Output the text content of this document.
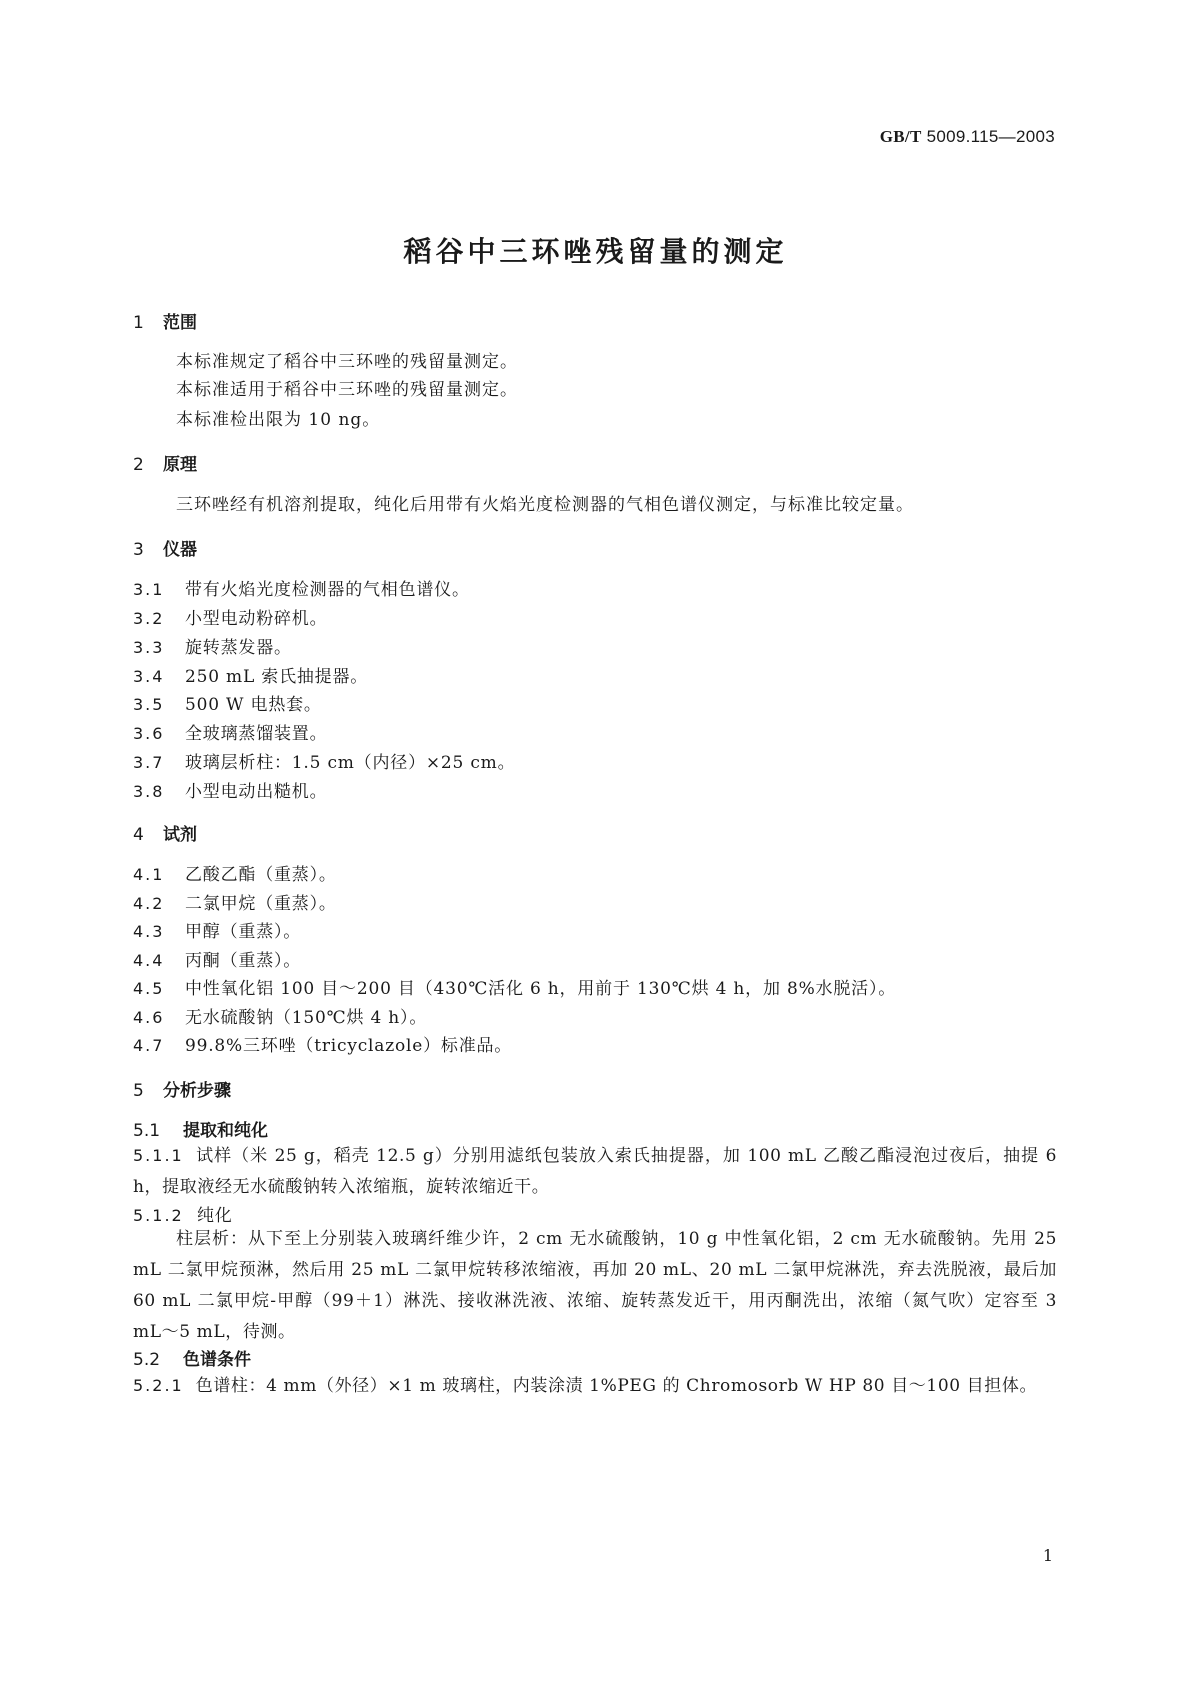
GB/T 5009.115—2003
稻谷中三环唑残留量的测定
1 范围
本标准规定了稻谷中三环唑的残留量测定。
本标准适用于稻谷中三环唑的残留量测定。
本标准检出限为 10 ng。
2 原理
三环唑经有机溶剂提取，纯化后用带有火焰光度检测器的气相色谱仪测定，与标准比较定量。
3 仪器
3.1 带有火焰光度检测器的气相色谱仪。
3.2 小型电动粉碎机。
3.3 旋转蒸发器。
3.4 250 mL 索氏抽提器。
3.5 500 W 电热套。
3.6 全玻璃蒸馏装置。
3.7 玻璃层析柱：1.5 cm（内径）×25 cm。
3.8 小型电动出糙机。
4 试剂
4.1 乙酸乙酯（重蒸）。
4.2 二氯甲烷（重蒸）。
4.3 甲醇（重蒸）。
4.4 丙酮（重蒸）。
4.5 中性氧化铝 100 目～200 目（430℃活化 6 h，用前于 130℃烘 4 h，加 8%水脱活）。
4.6 无水硫酸钠（150℃烘 4 h）。
4.7 99.8%三环唑（tricyclazole）标准品。
5 分析步骤
5.1 提取和纯化
5.1.1 试样（米 25 g，稻壳 12.5 g）分别用滤纸包装放入索氏抽提器，加 100 mL 乙酸乙酯浸泡过夜后，抽提 6 h，提取液经无水硫酸钠转入浓缩瓶，旋转浓缩近干。
5.1.2 纯化
柱层析：从下至上分别装入玻璃纤维少许，2 cm 无水硫酸钠，10 g 中性氧化铝，2 cm 无水硫酸钠。先用 25 mL 二氯甲烷预淋，然后用 25 mL 二氯甲烷转移浓缩液，再加 20 mL、20 mL 二氯甲烷淋洗，弃去洗脱液，最后加 60 mL 二氯甲烷-甲醇（99＋1）淋洗、接收淋洗液、浓缩、旋转蒸发近干，用丙酮洗出，浓缩（氮气吹）定容至 3 mL～5 mL，待测。
5.2 色谱条件
5.2.1 色谱柱：4 mm（外径）×1 m 玻璃柱，内装涂渍 1%PEG 的 Chromosorb W HP 80 目～100 目担体。
1
